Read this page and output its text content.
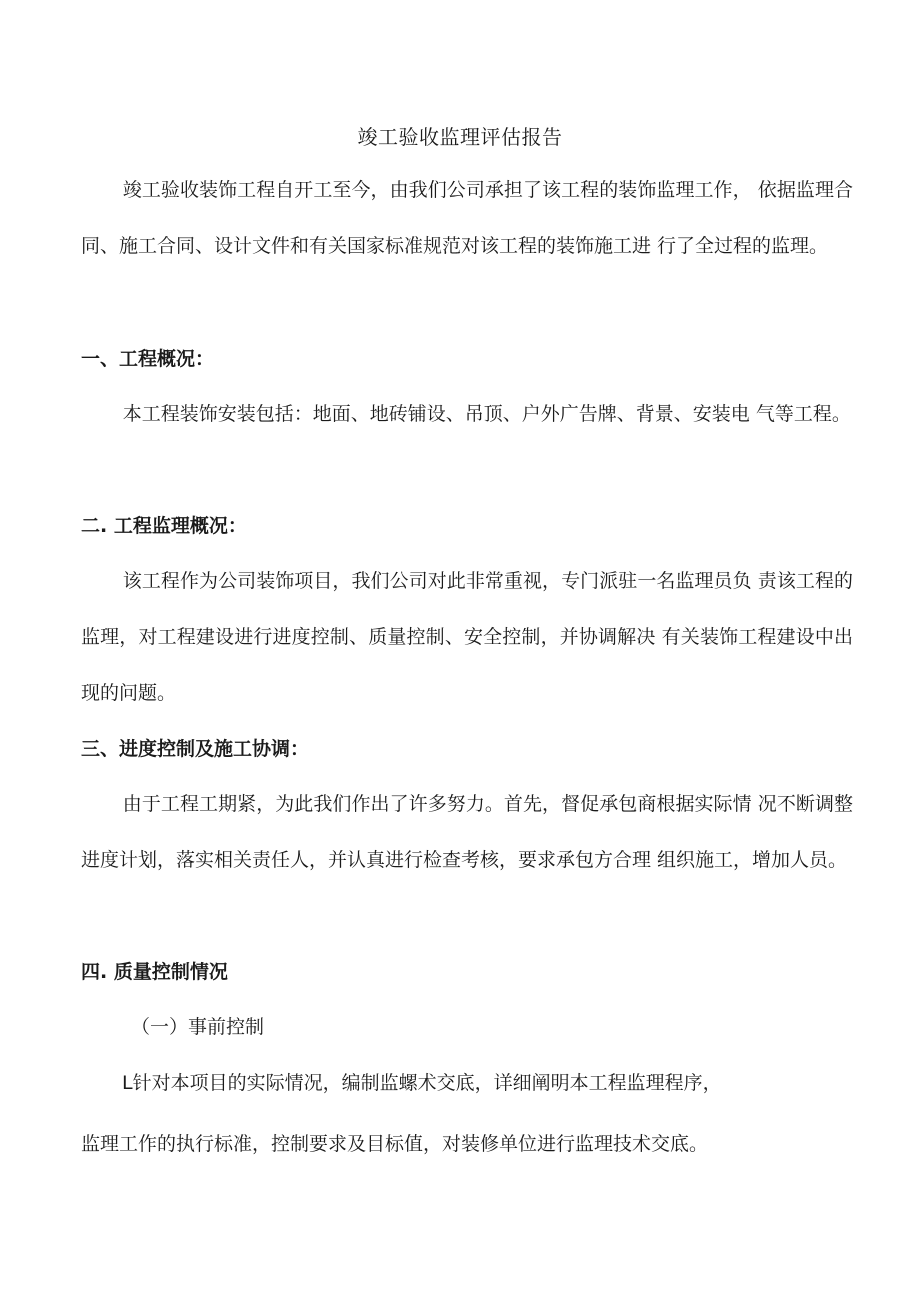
竣工验收监理评估报告

竣工验收装饰工程自开工至今，由我们公司承担了该工程的装饰监理工作， 依据监理合同、施工合同、设计文件和有关国家标准规范对该工程的装饰施工进 行了全过程的监理。

一、工程概况：

本工程装饰安装包括：地面、地砖铺设、吊顶、户外广告牌、背景、安装电 气等工程。

二. 工程监理概况：

该工程作为公司装饰项目，我们公司对此非常重视，专门派驻一名监理员负 责该工程的监理，对工程建设进行进度控制、质量控制、安全控制，并协调解决 有关装饰工程建设中出现的问题。

三、进度控制及施工协调：

由于工程工期紧，为此我们作出了许多努力。首先，督促承包商根据实际情 况不断调整进度计划，落实相关责任人，并认真进行检查考核，要求承包方合理 组织施工，增加人员。

四. 质量控制情况

（一）事前控制

L针对本项目的实际情况，编制监螺术交底，详细阐明本工程监理程序，

监理工作的执行标准，控制要求及目标值，对装修单位进行监理技术交底。
